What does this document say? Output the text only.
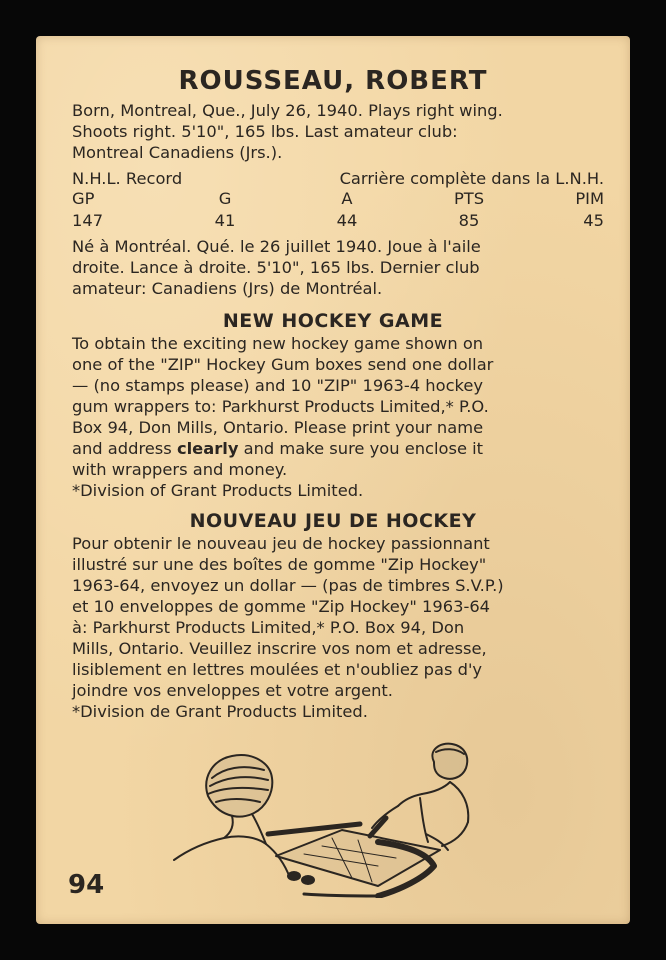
ROUSSEAU, ROBERT
Born, Montreal, Que., July 26, 1940. Plays right wing.
Shoots right. 5'10", 165 lbs. Last amateur club:
Montreal Canadiens (Jrs.).
N.H.L. Record	Carrière complète dans la L.N.H.
GP	G	A	PTS	PIM
147	41	44	85	45
Né à Montréal. Qué. le 26 juillet 1940. Joue à l'aile
droite. Lance à droite. 5'10", 165 lbs. Dernier club
amateur: Canadiens (Jrs) de Montréal.
NEW HOCKEY GAME
To obtain the exciting new hockey game shown on
one of the "ZIP" Hockey Gum boxes send one dollar
— (no stamps please) and 10 "ZIP" 1963-4 hockey
gum wrappers to: Parkhurst Products Limited,* P.O.
Box 94, Don Mills, Ontario. Please print your name
and address clearly and make sure you enclose it
with wrappers and money.
*Division of Grant Products Limited.
NOUVEAU JEU DE HOCKEY
Pour obtenir le nouveau jeu de hockey passionnant
illustré sur une des boîtes de gomme "Zip Hockey"
1963-64, envoyez un dollar — (pas de timbres S.V.P.)
et 10 enveloppes de gomme "Zip Hockey" 1963-64
à: Parkhurst Products Limited,* P.O. Box 94, Don
Mills, Ontario. Veuillez inscrire vos nom et adresse,
lisiblement en lettres moulées et n'oubliez pas d'y
joindre vos enveloppes et votre argent.
*Division de Grant Products Limited.
94
